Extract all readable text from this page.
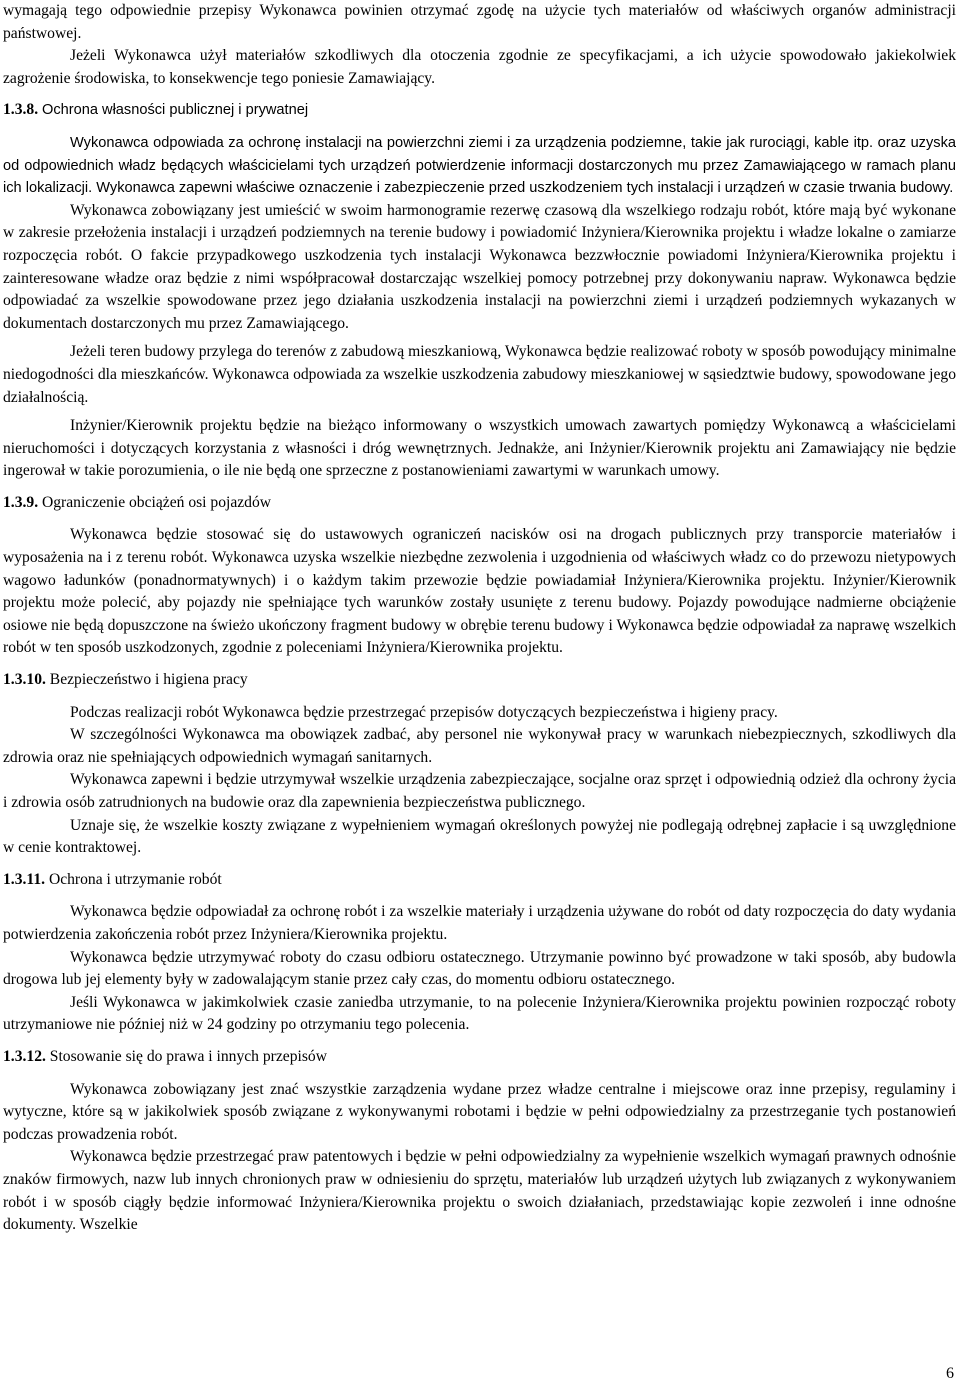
wymagają tego odpowiednie przepisy Wykonawca powinien otrzymać zgodę na użycie tych materiałów od właściwych organów administracji państwowej.

Jeżeli Wykonawca użył materiałów szkodliwych dla otoczenia zgodnie ze specyfikacjami, a ich użycie spowodowało jakiekolwiek zagrożenie środowiska, to konsekwencje tego poniesie Zamawiający.

1.3.8. Ochrona własności publicznej i prywatnej

Wykonawca odpowiada za ochronę instalacji na powierzchni ziemi i za urządzenia podziemne, takie jak rurociągi, kable itp. oraz uzyska od odpowiednich władz będących właścicielami tych urządzeń potwierdzenie informacji dostarczonych mu przez Zamawiającego w ramach planu ich lokalizacji. Wykonawca zapewni właściwe oznaczenie i zabezpieczenie przed uszkodzeniem tych instalacji i urządzeń w czasie trwania budowy.

Wykonawca zobowiązany jest umieścić w swoim harmonogramie rezerwę czasową dla wszelkiego rodzaju robót, które mają być wykonane w zakresie przełożenia instalacji i urządzeń podziemnych na terenie budowy i powiadomić Inżyniera/Kierownika projektu i władze lokalne o zamiarze rozpoczęcia robót. O fakcie przypadkowego uszkodzenia tych instalacji Wykonawca bezzwłocznie powiadomi Inżyniera/Kierownika projektu i zainteresowane władze oraz będzie z nimi współpracował dostarczając wszelkiej pomocy potrzebnej przy dokonywaniu napraw. Wykonawca będzie odpowiadać za wszelkie spowodowane przez jego działania uszkodzenia instalacji na powierzchni ziemi i urządzeń podziemnych wykazanych w dokumentach dostarczonych mu przez Zamawiającego.

Jeżeli teren budowy przylega do terenów z zabudową mieszkaniową, Wykonawca będzie realizować roboty w sposób powodujący minimalne niedogodności dla mieszkańców. Wykonawca odpowiada za wszelkie uszkodzenia zabudowy mieszkaniowej w sąsiedztwie budowy, spowodowane jego działalnością.

Inżynier/Kierownik projektu będzie na bieżąco informowany o wszystkich umowach zawartych pomiędzy Wykonawcą a właścicielami nieruchomości i dotyczących korzystania z własności i dróg wewnętrznych. Jednakże, ani Inżynier/Kierownik projektu ani Zamawiający nie będzie ingerował w takie porozumienia, o ile nie będą one sprzeczne z postanowieniami zawartymi w warunkach umowy.

1.3.9. Ograniczenie obciążeń osi pojazdów

Wykonawca będzie stosować się do ustawowych ograniczeń nacisków osi na drogach publicznych przy transporcie materiałów i wyposażenia na i z terenu robót. Wykonawca uzyska wszelkie niezbędne zezwolenia i uzgodnienia od właściwych władz co do przewozu nietypowych wagowo ładunków (ponadnormatywnych) i o każdym takim przewozie będzie powiadamiał Inżyniera/Kierownika projektu. Inżynier/Kierownik projektu może polecić, aby pojazdy nie spełniające tych warunków zostały usunięte z terenu budowy. Pojazdy powodujące nadmierne obciążenie osiowe nie będą dopuszczone na świeżo ukończony fragment budowy w obrębie terenu budowy i Wykonawca będzie odpowiadał za naprawę wszelkich robót w ten sposób uszkodzonych, zgodnie z poleceniami Inżyniera/Kierownika projektu.

1.3.10. Bezpieczeństwo i higiena pracy

Podczas realizacji robót Wykonawca będzie przestrzegać przepisów dotyczących bezpieczeństwa i higieny pracy.

W szczególności Wykonawca ma obowiązek zadbać, aby personel nie wykonywał pracy w warunkach niebezpiecznych, szkodliwych dla zdrowia oraz nie spełniających odpowiednich wymagań sanitarnych.

Wykonawca zapewni i będzie utrzymywał wszelkie urządzenia zabezpieczające, socjalne oraz sprzęt i odpowiednią odzież dla ochrony życia i zdrowia osób zatrudnionych na budowie oraz dla zapewnienia bezpieczeństwa publicznego.

Uznaje się, że wszelkie koszty związane z wypełnieniem wymagań określonych powyżej nie podlegają odrębnej zapłacie i są uwzględnione w cenie kontraktowej.

1.3.11. Ochrona i utrzymanie robót

Wykonawca będzie odpowiadał za ochronę robót i za wszelkie materiały i urządzenia używane do robót od daty rozpoczęcia do daty wydania potwierdzenia zakończenia robót przez Inżyniera/Kierownika projektu.

Wykonawca będzie utrzymywać roboty do czasu odbioru ostatecznego. Utrzymanie powinno być prowadzone w taki sposób, aby budowla drogowa lub jej elementy były w zadowalającym stanie przez cały czas, do momentu odbioru ostatecznego.

Jeśli Wykonawca w jakimkolwiek czasie zaniedba utrzymanie, to na polecenie Inżyniera/Kierownika projektu powinien rozpocząć roboty utrzymaniowe nie później niż w 24 godziny po otrzymaniu tego polecenia.

1.3.12. Stosowanie się do prawa i innych przepisów

Wykonawca zobowiązany jest znać wszystkie zarządzenia wydane przez władze centralne i miejscowe oraz inne przepisy, regulaminy i wytyczne, które są w jakikolwiek sposób związane z wykonywanymi robotami i będzie w pełni odpowiedzialny za przestrzeganie tych postanowień podczas prowadzenia robót.

Wykonawca będzie przestrzegać praw patentowych i będzie w pełni odpowiedzialny za wypełnienie wszelkich wymagań prawnych odnośnie znaków firmowych, nazw lub innych chronionych praw w odniesieniu do sprzętu, materiałów lub urządzeń użytych lub związanych z wykonywaniem robót i w sposób ciągły będzie informować Inżyniera/Kierownika projektu o swoich działaniach, przedstawiając kopie zezwoleń i inne odnośne dokumenty. Wszelkie

6
